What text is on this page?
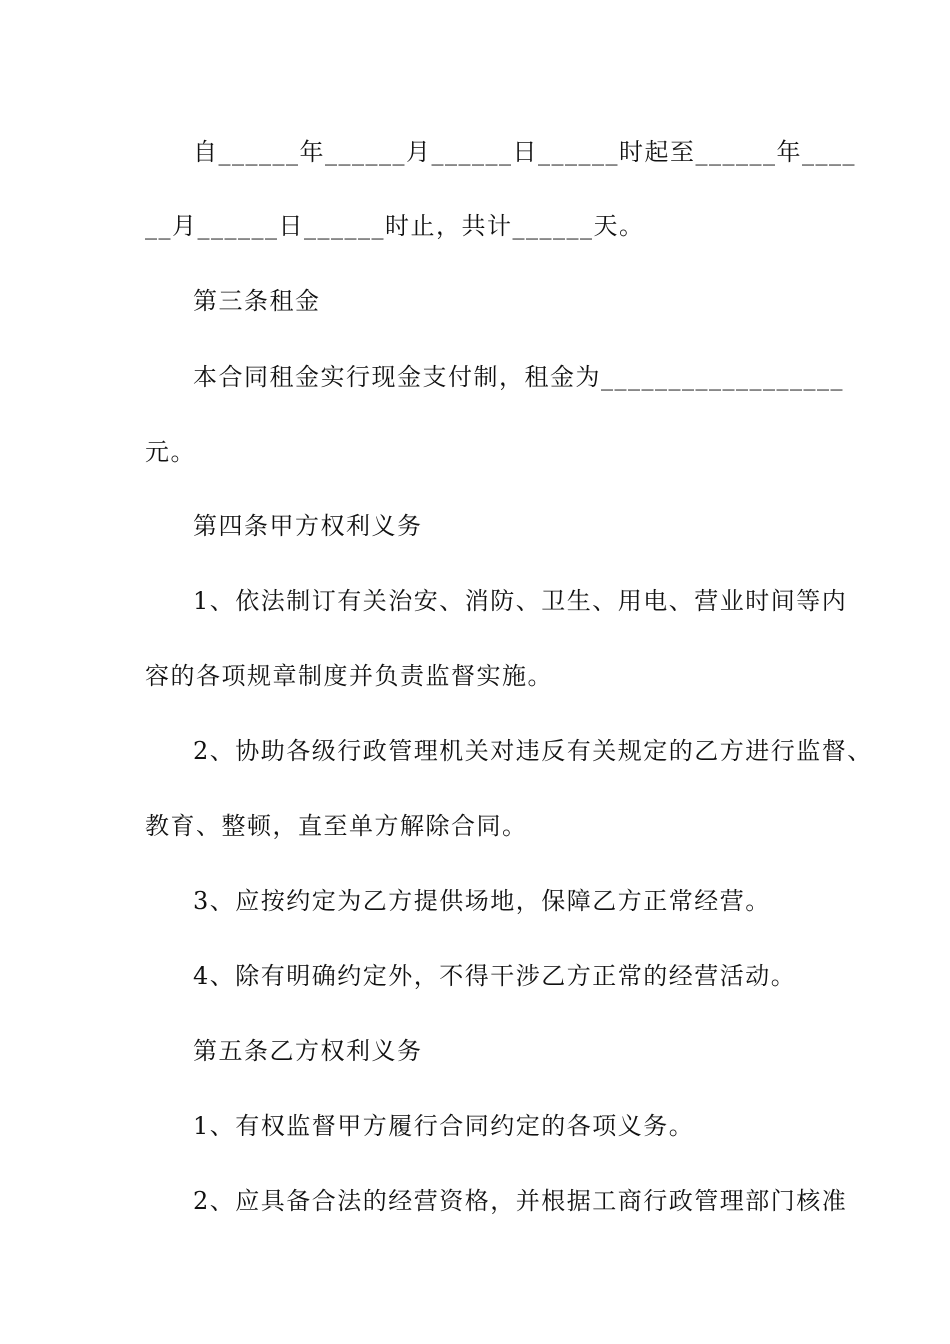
自______年______月______日______时起至______年____
__月______日______时止，共计______天。
第三条租金
本合同租金实行现金支付制，租金为__________________
元。
第四条甲方权利义务
1、依法制订有关治安、消防、卫生、用电、营业时间等内
容的各项规章制度并负责监督实施。
2、协助各级行政管理机关对违反有关规定的乙方进行监督、
教育、整顿，直至单方解除合同。
3、应按约定为乙方提供场地，保障乙方正常经营。
4、除有明确约定外，不得干涉乙方正常的经营活动。
第五条乙方权利义务
1、有权监督甲方履行合同约定的各项义务。
2、应具备合法的经营资格，并根据工商行政管理部门核准
